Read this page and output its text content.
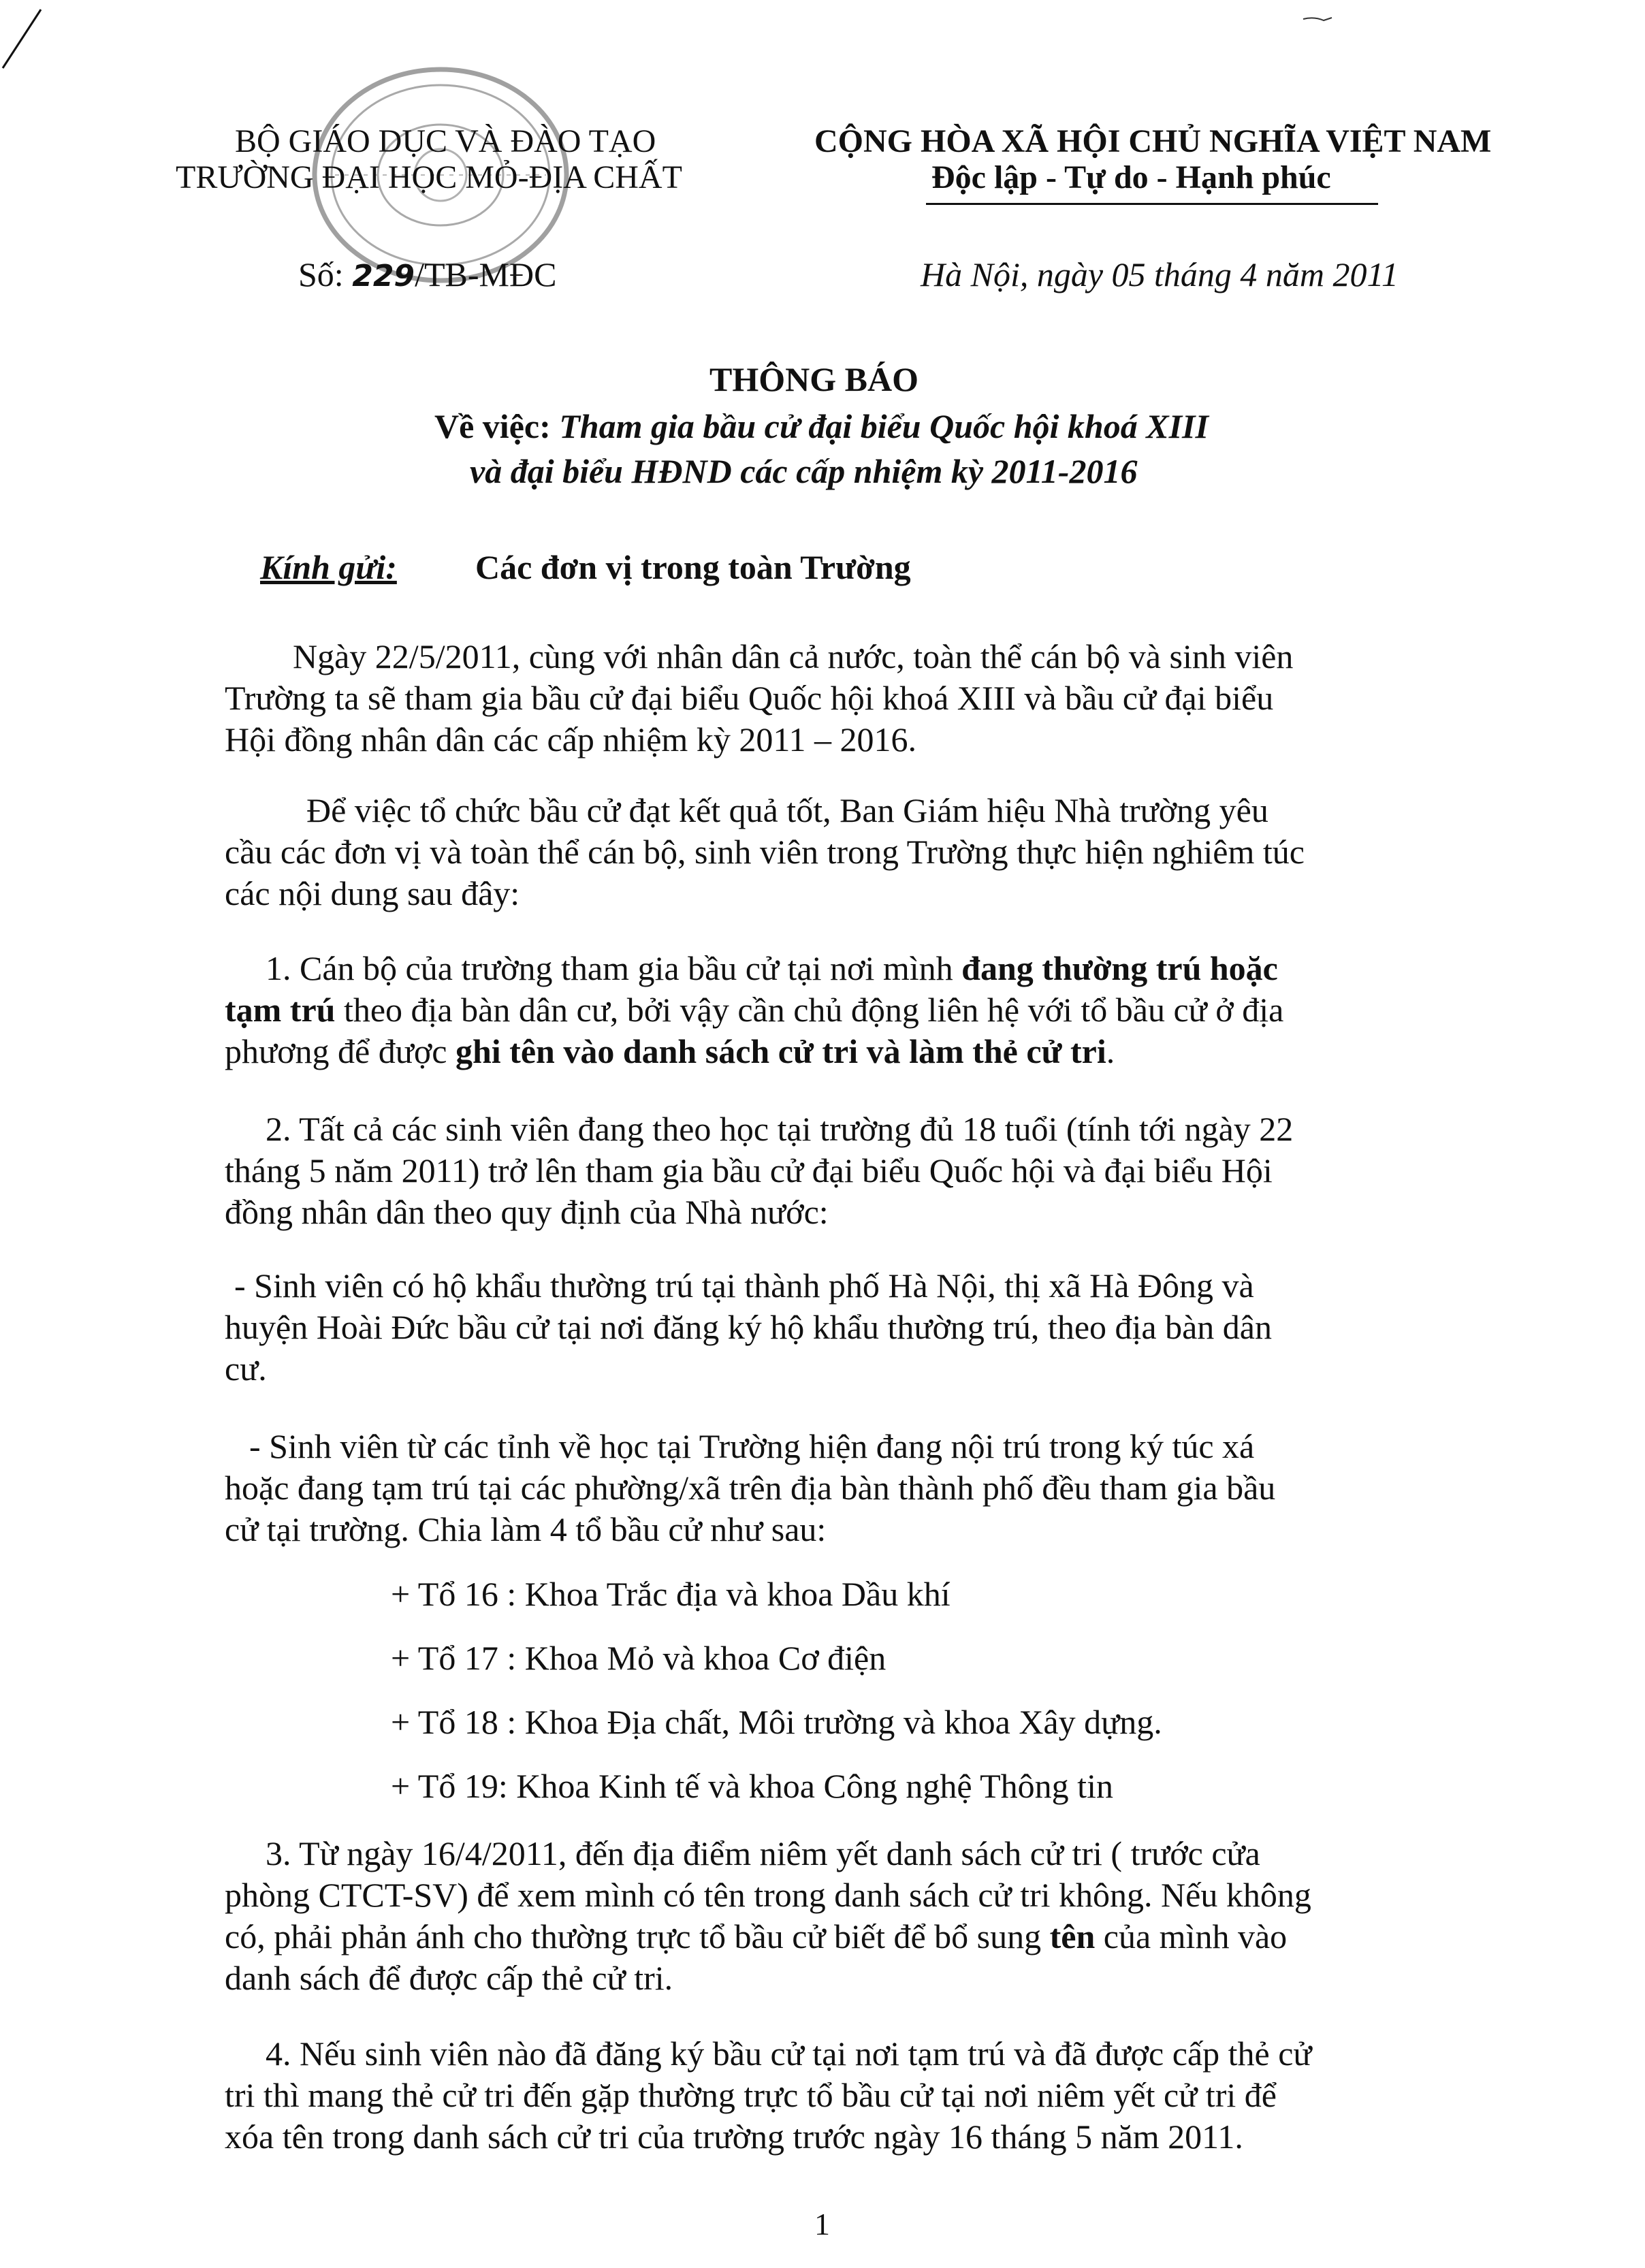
BỘ GIÁO DỤC VÀ ĐÀO TẠO
TRƯỜNG ĐẠI HỌC MỎ-ĐỊA CHẤT
Số: 229/TB-MĐC
CỘNG HÒA XÃ HỘI CHỦ NGHĨA VIỆT NAM
Độc lập - Tự do - Hạnh phúc
Hà Nội, ngày 05 tháng 4 năm 2011
THÔNG BÁO
Về việc: Tham gia bầu cử đại biểu Quốc hội khoá XIII
và đại biểu HĐND các cấp nhiệm kỳ 2011-2016
Kính gửi: Các đơn vị trong toàn Trường
Ngày 22/5/2011, cùng với nhân dân cả nước, toàn thể cán bộ và sinh viên
Trường ta sẽ tham gia bầu cử đại biểu Quốc hội khoá XIII và bầu cử đại biểu
Hội đồng nhân dân các cấp nhiệm kỳ 2011 – 2016.
Để việc tổ chức bầu cử đạt kết quả tốt, Ban Giám hiệu Nhà trường yêu
cầu các đơn vị và toàn thể cán bộ, sinh viên trong Trường thực hiện nghiêm túc
các nội dung sau đây:
1. Cán bộ của trường tham gia bầu cử tại nơi mình đang thường trú hoặc
tạm trú theo địa bàn dân cư, bởi vậy cần chủ động liên hệ với tổ bầu cử ở địa
phương để được ghi tên vào danh sách cử tri và làm thẻ cử tri.
2. Tất cả các sinh viên đang theo học tại trường đủ 18 tuổi (tính tới ngày 22
tháng 5 năm 2011) trở lên tham gia bầu cử đại biểu Quốc hội và đại biểu Hội
đồng nhân dân theo quy định của Nhà nước:
- Sinh viên có hộ khẩu thường trú tại thành phố Hà Nội, thị xã Hà Đông và
huyện Hoài Đức bầu cử tại nơi đăng ký hộ khẩu thường trú, theo địa bàn dân
cư.
- Sinh viên từ các tỉnh về học tại Trường hiện đang nội trú trong ký túc xá
hoặc đang tạm trú tại các phường/xã trên địa bàn thành phố đều tham gia bầu
cử tại trường. Chia làm 4 tổ bầu cử như sau:
+ Tổ 16 : Khoa Trắc địa và khoa Dầu khí
+ Tổ 17 : Khoa Mỏ và khoa Cơ điện
+ Tổ 18 : Khoa Địa chất, Môi trường và khoa Xây dựng.
+ Tổ 19: Khoa Kinh tế và khoa Công nghệ Thông tin
3. Từ ngày 16/4/2011, đến địa điểm niêm yết danh sách cử tri ( trước cửa
phòng CTCT-SV) để xem mình có tên trong danh sách cử tri không. Nếu không
có, phải phản ánh cho thường trực tổ bầu cử biết để bổ sung tên của mình vào
danh sách để được cấp thẻ cử tri.
4. Nếu sinh viên nào đã đăng ký bầu cử tại nơi tạm trú và đã được cấp thẻ cử
tri thì mang thẻ cử tri đến gặp thường trực tổ bầu cử tại nơi niêm yết cử tri để
xóa tên trong danh sách cử tri của trường trước ngày 16 tháng 5 năm 2011.
1
